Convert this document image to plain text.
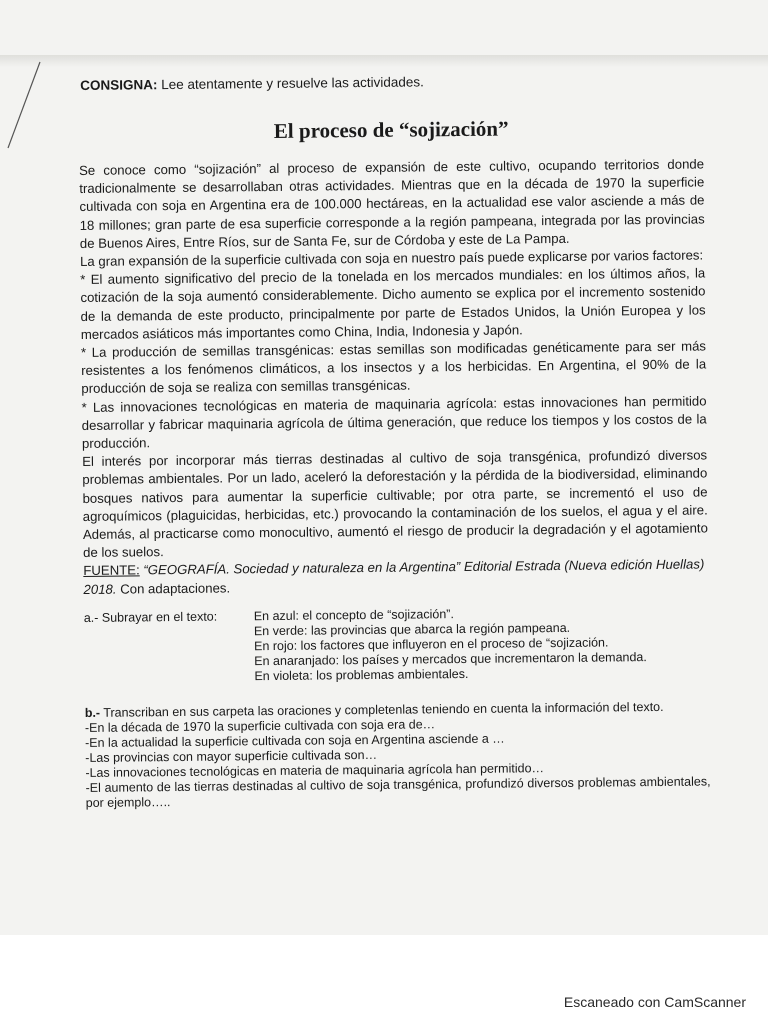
CONSIGNA: Lee atentamente y resuelve las actividades.
El proceso de “sojización”

Se conoce como “sojización” al proceso de expansión de este cultivo, ocupando territorios donde tradicionalmente se desarrollaban otras actividades. Mientras que en la década de 1970 la superficie cultivada con soja en Argentina era de 100.000 hectáreas, en la actualidad ese valor asciende a más de 18 millones; gran parte de esa superficie corresponde a la región pampeana, integrada por las provincias de Buenos Aires, Entre Ríos, sur de Santa Fe, sur de Córdoba y este de La Pampa.

La gran expansión de la superficie cultivada con soja en nuestro país puede explicarse por varios factores:

* El aumento significativo del precio de la tonelada en los mercados mundiales: en los últimos años, la cotización de la soja aumentó considerablemente. Dicho aumento se explica por el incremento sostenido de la demanda de este producto, principalmente por parte de Estados Unidos, la Unión Europea y los mercados asiáticos más importantes como China, India, Indonesia y Japón.

* La producción de semillas transgénicas: estas semillas son modificadas genéticamente para ser más resistentes a los fenómenos climáticos, a los insectos y a los herbicidas. En Argentina, el 90% de la producción de soja se realiza con semillas transgénicas.

* Las innovaciones tecnológicas en materia de maquinaria agrícola: estas innovaciones han permitido desarrollar y fabricar maquinaria agrícola de última generación, que reduce los tiempos y los costos de la producción.

El interés por incorporar más tierras destinadas al cultivo de soja transgénica, profundizó diversos problemas ambientales. Por un lado, aceleró la deforestación y la pérdida de la biodiversidad, eliminando bosques nativos para aumentar la superficie cultivable; por otra parte, se incrementó el uso de agroquímicos (plaguicidas, herbicidas, etc.) provocando la contaminación de los suelos, el agua y el aire. Además, al practicarse como monocultivo, aumentó el riesgo de producir la degradación y el agotamiento de los suelos.

FUENTE: “GEOGRAFÍA. Sociedad y naturaleza en la Argentina” Editorial Estrada (Nueva edición Huellas) 2018. Con adaptaciones.

a.- Subrayar en el texto:	En azul: el concepto de “sojización”.
En verde: las provincias que abarca la región pampeana.
En rojo: los factores que influyeron en el proceso de “sojización.
En anaranjado: los países y mercados que incrementaron la demanda.
En violeta: los problemas ambientales.
b.- Transcriban en sus carpeta las oraciones y completenlas teniendo en cuenta la información del texto.
-En la década de 1970 la superficie cultivada con soja era de…
-En la actualidad la superficie cultivada con soja en Argentina asciende a …
-Las provincias con mayor superficie cultivada son…
-Las innovaciones tecnológicas en materia de maquinaria agrícola han permitido…
-El aumento de las tierras destinadas al cultivo de soja transgénica, profundizó diversos problemas ambientales, por ejemplo…..
Escaneado con CamScanner
